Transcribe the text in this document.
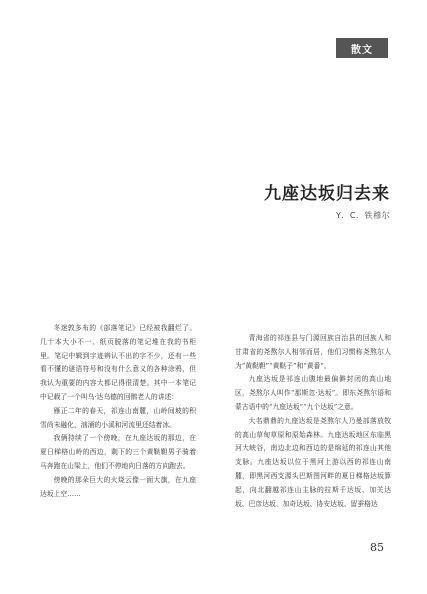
散文
九座达坂归去来
Y．C．铁穆尔

冬迷敦多布的《部落笔记》已经被我翻烂了。几十本大小不一、纸页脱落的笔记堆在我的书柜里。笔记中辑到宇迹辨认不出的字不少，还有一些看不懂的谜语符号和没有什么意义的各种涂鸦，但我认为重要的内容大都记得很清楚。其中一本笔记中记载了一个叫乌·达乌德的回鹘老人的讲述：

雁正二年的春天，祁连山南麓，山岭间坡的积雪尚未融化，汹涌的小溪和河流里还结着冰。

我俩持续了一个傍晚，在九座达坂的那边，在夏日梯格山岭的西边，剩下的三个黄鞑靼男子骑着马奔跑在山梁上，他们不停地向日落的方向跑去。

傍晚的那朵巨大的火烧云像一面大旗，在九座达坂上空……

青海省的祁连县与门源回族自治县的回族人和甘肃省的尧熬尔人相邻而居，他们习惯称尧熬尔人为“黄鞑靼”“黄鞑子”和“黄番”。

九座达坂是祁连山腹地最偏僻封闭的高山地区，尧熬尔人叫作“那斯忽·达坂”。即东尧熬尔语和蒙古语中的“九座达坂”“九个达坂”之意。

大名鼎鼎的九座达坂是尧熬尔人乃曼部落放牧的高山草甸草原和原始森林。九座达坂地区东临黑河大峡谷，南边北边和西边的是绵延的祁连山其他支脉。九座达坂以位于黑河上游以西的祁连山南麓，即黑河西支源头巴斯图河畔的夏日梯格达坂算起，向北翻越祁连山主脉的拉斯千达坂、加关达坂、巴彦达坂、加奇达坂、协安达坂、留蚕格达

85
